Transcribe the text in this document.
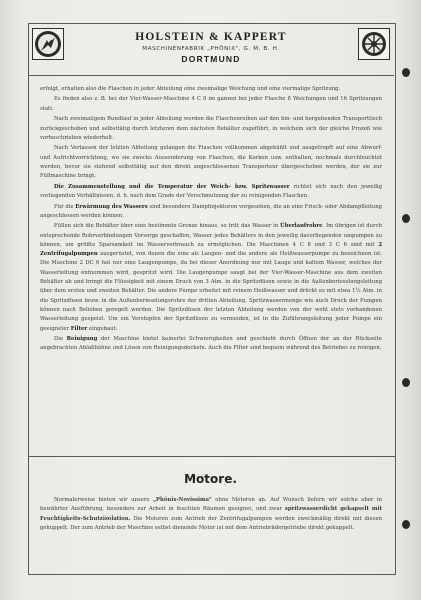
HOLSTEIN & KAPPERT
MASCHINENFABRIK „PHÖNIX", G. M. B. H.
DORTMUND

erfolgt, erhalten also die Flaschen in jeder Abteilung eine zweimalige Weichung und eine viermalige Spritzung.

Es finden also z. B. bei der Vier-Wasser-Maschine 4 C 8 im ganzen bei jeder Flasche 8 Weichungen und 16 Spritzungen statt.

Nach zweimaligem Rundlauf in jeder Abteilung werden die Flaschenreihen auf den bin- und hergehenden Transporttisch zurückgeschoben und selbsttätig durch letzteren dem nächsten Behälter zugeführt, in welchem sich der gleiche Prozeß wie vorbeschrieben wiederholt.

Nach Verlassen der letzten Abteilung gelangen die Flaschen vollkommen abgekühlt und ausgetropft auf eine Abwurf- und Aufrichtvorrichtung, wo sie zwecks Aussonderung von Flaschen, die Korken usw. enthalten, nochmals durchleuchtet werden, bevor sie stehend selbsttätig auf den direkt angeschlossenen Transporteur übergeschoben werden, der sie zur Füllmaschine bringt.

Die Zusammenstellung und die Temperatur der Weich- bzw. Spritzwasser richtet sich nach den jeweilig vorliegenden Verhältnissen, d. h. nach dem Grade der Verschmutzung der zu reinigenden Flaschen.

Für die Erwärmung des Wassers sind besondere Dampfinjektoren vorgesehen, die an eine Frisch- oder Abdampfleitung angeschlossen werden können.

Füllen sich die Behälter über eine bestimmte Grenze hinaus, so tritt das Wasser in Überlaufrohre. Im übrigen ist durch entsprechende Rohrverbindungen Vorsorge geschaffen, Wasser jedes Behälters in den jeweilig davorliegenden umpumpen zu können, um größte Sparsamkeit im Wasserverbrauch zu ermöglichen. Die Maschinen 4 C 8 und 3 C 6 sind mit 2 Zentrifugalpumpen ausgerüstet, von denen die eine als Laugen- und die andere als Heißwasserpumpe zu bezeichnen ist. Die Maschine 2 DC 6 hat nur eine Laugenpumpe, da bei dieser Anordnung nur mit Lauge und kaltem Wasser, welches der Wasserleitung entnommen wird, gespritzt wird. Die Laugenpumpe saugt bei der Vier-Wasser-Maschine aus dem zweiten Behälter ab und bringt die Flüssigkeit mit einem Druck von 3 Atm. in die Spritzdüsen sowie in die Außenberieselungsleitung über dem ersten und zweiten Behälter. Die andere Pumpe erbeitet mit reinem Heißwasser und drückt es mit etwa 1½ Atm. in die Spritzdüsen bezw. in die Außenberieselungsrohre der dritten Abteilung. Spritzwassermenge wie auch Druck der Pumpen können nach Belieben geregelt werden. Die Spritzdüsen der letzten Abteilung werden von der wohl stets vorhandenen Wasserleitung gespeist. Um ein Verstopfen der Spritzdüsen zu vermeiden, ist in die Zuführungsleitung jeder Pumpe ein geeigneter Filter eingebaut.

Die Reinigung der Maschine bietet keinerlei Schwierigkeiten und geschieht durch Öffnen der an der Rückseite angebrachten Ablaßhähne und Lösen von Reinigungsdeckeln. Auch die Filter sind bequem während des Betriebes zu reinigen.

Motore.

Normalerweise bieten wir unsere „Phönix-Novissima" ohne Motoren an. Auf Wunsch liefern wir solche aber in bewährter Ausführung, besonders zur Arbeit in feuchten Räumen geeignet, und zwar spritzwasserdicht gekapselt mit Feuchtigkeits-Schutzisolation. Die Motoren zum Antrieb der Zentrifugalpumpen werden zweckmäßig direkt mit diesen gekuppelt. Der zum Antrieb der Maschine selbst dienende Motor ist mit dem Antriebrädergetriebe direkt gekuppelt.
